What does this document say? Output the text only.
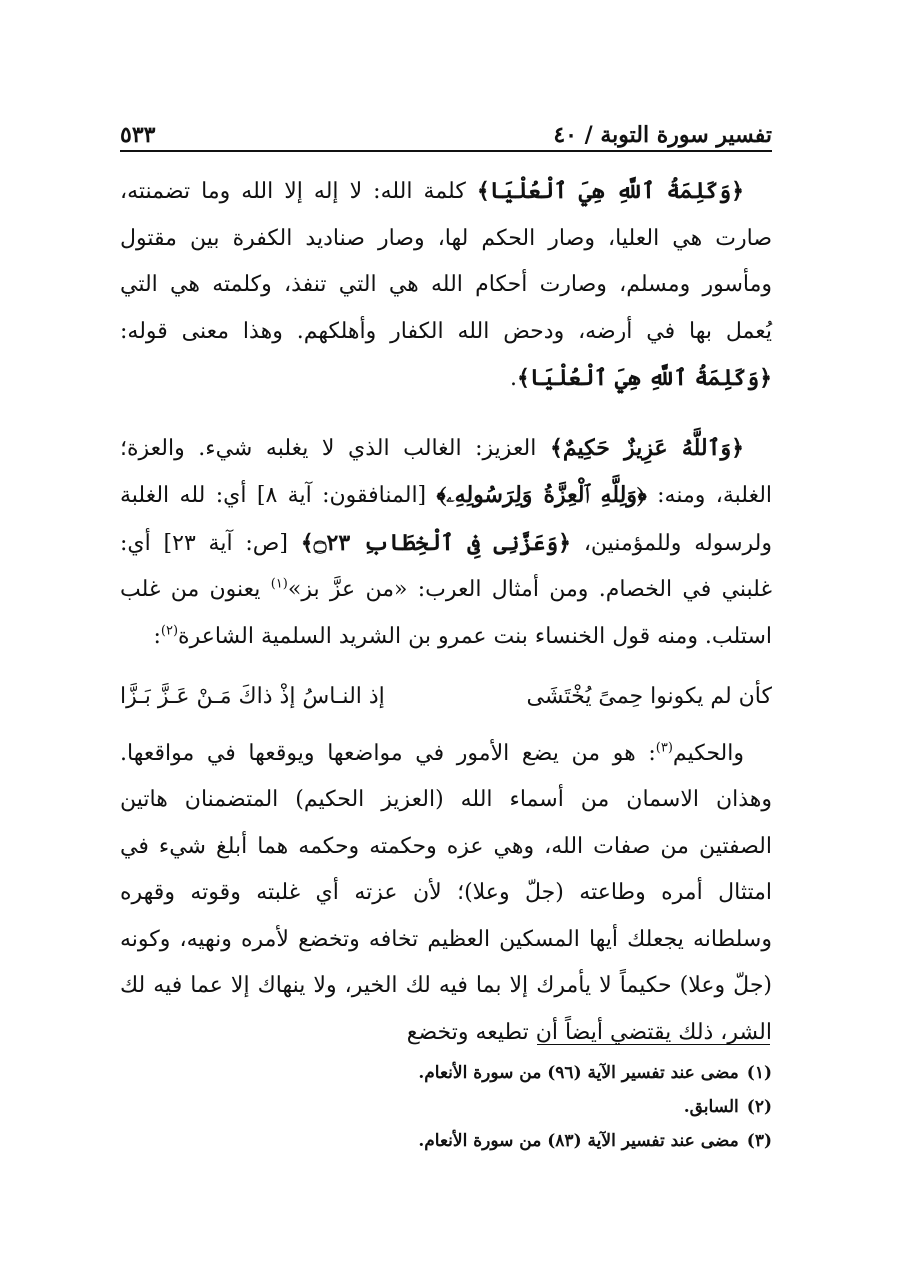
تفسير سورة التوبة / ٤٠
٥٣٣

﴿وَكَلِمَةُ ٱللَّهِ هِيَ ٱلْعُلْيَا﴾ كلمة الله: لا إله إلا الله وما تضمنته، صارت هي العليا، وصار الحكم لها، وصار صناديد الكفرة بين مقتول ومأسور ومسلم، وصارت أحكام الله هي التي تنفذ، وكلمته هي التي يُعمل بها في أرضه، ودحض الله الكفار وأهلكهم. وهذا معنى قوله: ﴿وَكَلِمَةُ ٱللَّهِ هِيَ ٱلْعُلْيَا﴾.

﴿وَٱللَّهُ عَزِيزٌ حَكِيمٌ﴾ العزيز: الغالب الذي لا يغلبه شيء. والعزة؛ الغلبة، ومنه: ﴿وَلِلَّهِ ٱلْعِزَّةُ وَلِرَسُولِهِۦ﴾ [المنافقون: آية ٨] أي: لله الغلبة ولرسوله وللمؤمنين، ﴿وَعَزَّنِى فِى ٱلْخِطَابِ ۝٢٣﴾ [ص: آية ٢٣] أي: غلبني في الخصام. ومن أمثال العرب: «من عزَّ بز»$^{(١)}$ يعنون من غلب استلب. ومنه قول الخنساء بنت عمرو بن الشريد السلمية الشاعرة$^{(٢)}$:

كأن لم يكونوا حِمىً يُخْتَشَى
إذ النـاسُ إذْ ذاكَ مَـنْ عَـزَّ بَـزَّا

والحكيم$^{(٣)}$: هو من يضع الأمور في مواضعها ويوقعها في مواقعها. وهذان الاسمان من أسماء الله (العزيز الحكيم) المتضمنان هاتين الصفتين من صفات الله، وهي عزه وحكمته وحكمه هما أبلغ شيء في امتثال أمره وطاعته (جلّ وعلا)؛ لأن عزته أي غلبته وقوته وقهره وسلطانه يجعلك أيها المسكين العظيم تخافه وتخضع لأمره ونهيه، وكونه (جلّ وعلا) حكيماً لا يأمرك إلا بما فيه لك الخير، ولا ينهاك إلا عما فيه لك الشر، ذلك يقتضي أيضاً أن تطيعه وتخضع

(١)مضى عند تفسير الآية (٩٦) من سورة الأنعام.
(٢)السابق.
(٣)مضى عند تفسير الآية (٨٣) من سورة الأنعام.
